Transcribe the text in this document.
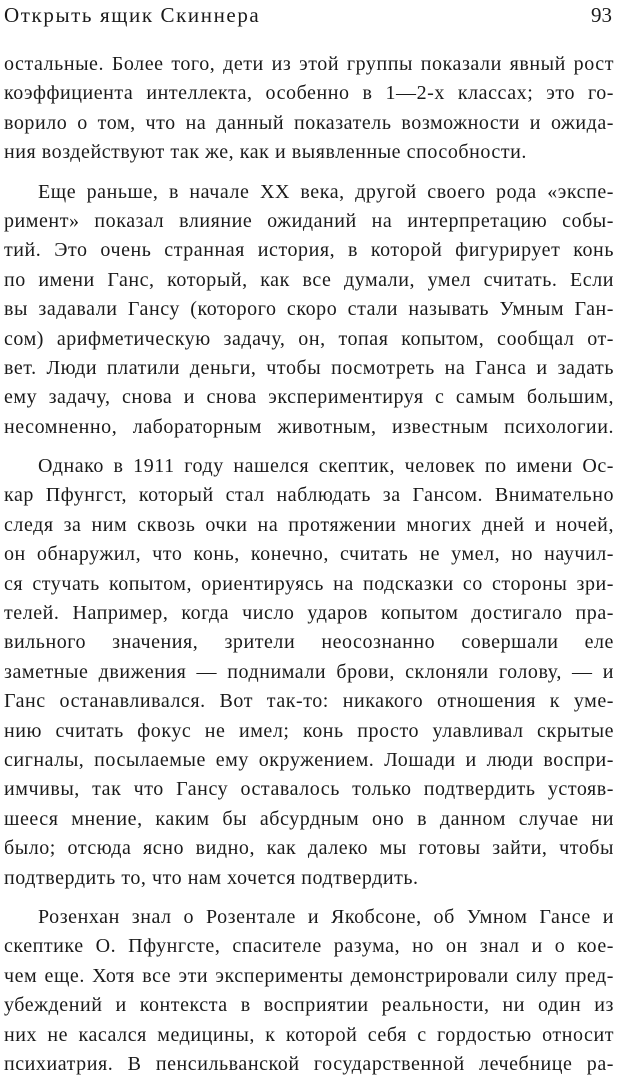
Открыть ящик Скиннера	93
остальные. Более того, дети из этой группы показали явный рост
коэффициента интеллекта, особенно в 1—2-х классах; это го-
ворило о том, что на данный показатель возможности и ожида-
ния воздействуют так же, как и выявленные способности.
Еще раньше, в начале XX века, другой своего рода «экспе-
римент» показал влияние ожиданий на интерпретацию собы-
тий. Это очень странная история, в которой фигурирует конь
по имени Ганс, который, как все думали, умел считать. Если
вы задавали Гансу (которого скоро стали называть Умным Ган-
сом) арифметическую задачу, он, топая копытом, сообщал от-
вет. Люди платили деньги, чтобы посмотреть на Ганса и задать
ему задачу, снова и снова экспериментируя с самым большим,
несомненно, лабораторным животным, известным психологии.
Однако в 1911 году нашелся скептик, человек по имени Ос-
кар Пфунгст, который стал наблюдать за Гансом. Внимательно
следя за ним сквозь очки на протяжении многих дней и ночей,
он обнаружил, что конь, конечно, считать не умел, но научил-
ся стучать копытом, ориентируясь на подсказки со стороны зри-
телей. Например, когда число ударов копытом достигало пра-
вильного значения, зрители неосознанно совершали еле
заметные движения — поднимали брови, склоняли голову, — и
Ганс останавливался. Вот так-то: никакого отношения к уме-
нию считать фокус не имел; конь просто улавливал скрытые
сигналы, посылаемые ему окружением. Лошади и люди воспри-
имчивы, так что Гансу оставалось только подтвердить устояв-
шееся мнение, каким бы абсурдным оно в данном случае ни
было; отсюда ясно видно, как далеко мы готовы зайти, чтобы
подтвердить то, что нам хочется подтвердить.
Розенхан знал о Розентале и Якобсоне, об Умном Гансе и
скептике О. Пфунгсте, спасителе разума, но он знал и о кое-
чем еще. Хотя все эти эксперименты демонстрировали силу пред-
убеждений и контекста в восприятии реальности, ни один из
них не касался медицины, к которой себя с гордостью относит
психиатрия. В пенсильванской государственной лечебнице ра-
